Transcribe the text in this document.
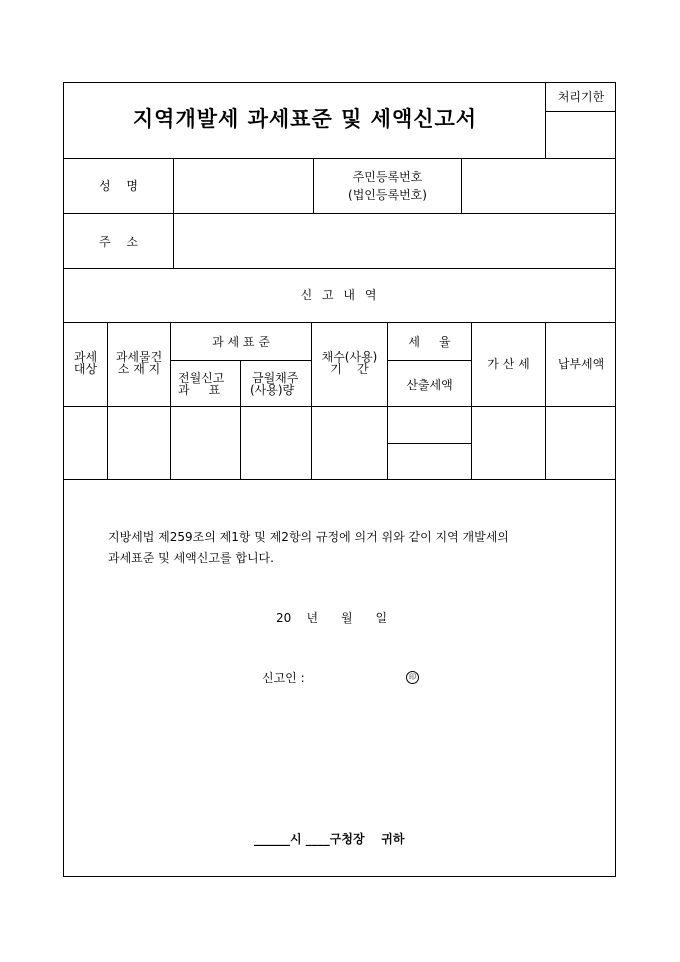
지역개발세 과세표준 및 세액신고서
처리기한
성 명
주민등록번호
(법인등록번호)
주 소
신 고 내 역
과세
대상
과세물건
소 재 지
과 세 표 준
전월신고
과     표
금월채주
(사용)량
채수(사용)
기    간
세     율
산출세액
가 산 세	납부세액
지방세법 제259조의 제1항 및 제2항의 규정에 의거 위와 같이 지역 개발세의
과세표준 및 세액신고를 합니다.
20    년      월      일
신고인 :	印
______시 ____구청장 귀하
